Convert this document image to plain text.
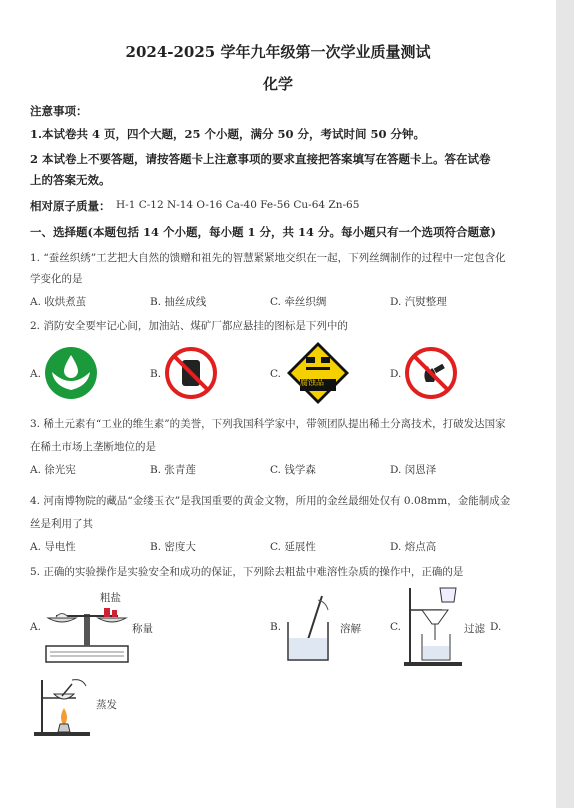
2024-2025 学年九年级第一次学业质量测试
化学
注意事项：
1.本试卷共 4 页，四个大题，25 个小题，满分 50 分，考试时间 50 分钟。
2 本试卷上不要答题，请按答题卡上注意事项的要求直接把答案填写在答题卡上。答在试卷
上的答案无效。
相对原子质量： H-1 C-12 N-14 O-16 Ca-40 Fe-56 Cu-64 Zn-65
一、选择题(本题包括 14 个小题，每小题 1 分，共 14 分。每小题只有一个选项符合题意)
1. “蚕丝织绣”工艺把大自然的馈赠和祖先的智慧紧紧地交织在一起，下列丝绸制作的过程中一定包含化
学变化的是
A. 收烘煮茧	B. 抽丝成线	C. 牵丝织绸	D. 汽熨整理
2. 消防安全要牢记心间，加油站、煤矿厂都应悬挂的图标是下列中的
A.	B.	C.	D.
腐蚀品
3. 稀土元素有“工业的维生素”的美誉，下列我国科学家中，带领团队提出稀土分离技术，打破发达国家
在稀土市场上垄断地位的是
A. 徐光宪	B. 张青莲	C. 钱学森	D. 闵恩泽
4. 河南博物院的藏品“金缕玉衣”是我国重要的黄金文物，所用的金丝最细处仅有 0.08mm，金能制成金
丝是利用了其
A. 导电性	B. 密度大	C. 延展性	D. 熔点高
5. 正确的实验操作是实验安全和成功的保证，下列除去粗盐中难溶性杂质的操作中，正确的是
A.
粗盐
称量	B.	溶解	C.	过滤 D.
蒸发
